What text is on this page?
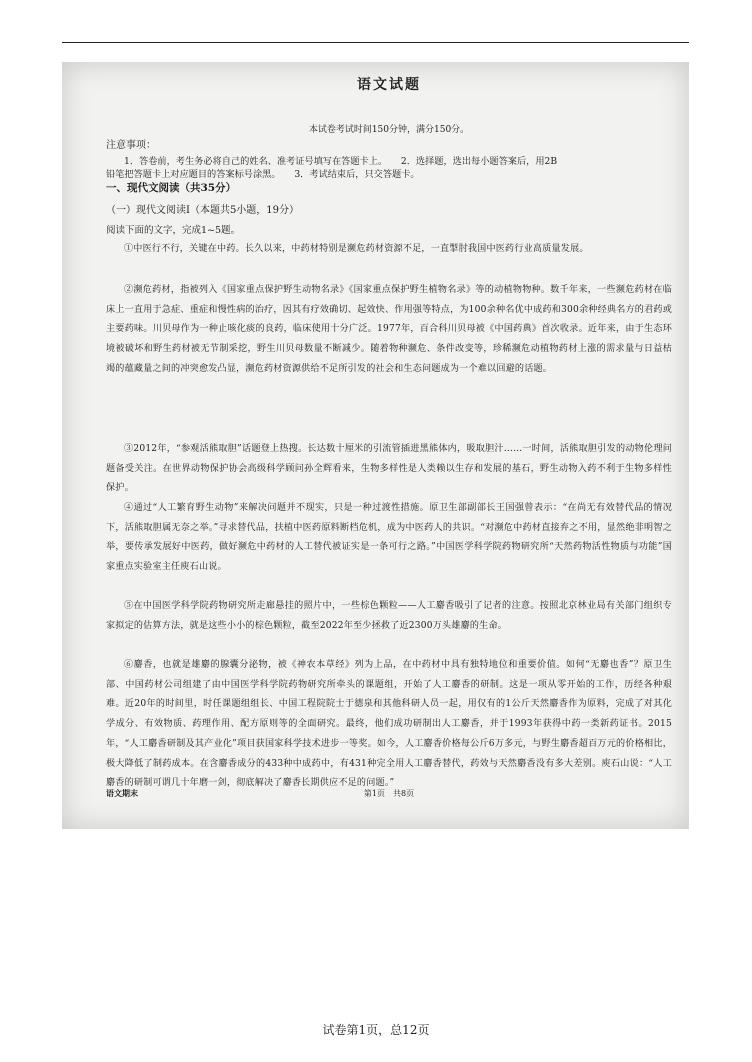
语文试题
本试卷考试时间150分钟，满分150分。
注意事项：
1．答卷前，考生务必将自己的姓名、准考证号填写在答题卡上。　　2．选择题，选出每小题答案后，用2B
铅笔把答题卡上对应题目的答案标号涂黑。　　3．考试结束后，只交答题卡。
一、现代文阅读（共35分）
（一）现代文阅读Ⅰ（本题共5小题，19分）
阅读下面的文字，完成1~5题。
①中医行不行，关键在中药。长久以来，中药材特别是濒危药材资源不足，一直掣肘我国中医药行业高质量发展。
②濒危药材，指被列入《国家重点保护野生动物名录》《国家重点保护野生植物名录》等的动植物物种。数千年来，一些濒危药材在临床上一直用于急症、重症和慢性病的治疗，因其有疗效确切、起效快、作用强等特点，为100余种名优中成药和300余种经典名方的君药或主要药味。川贝母作为一种止咳化痰的良药，临床使用十分广泛。1977年，百合科川贝母被《中国药典》首次收录。近年来，由于生态环境被破坏和野生药材被无节制采挖，野生川贝母数量不断减少。随着物种濒危、条件改变等，珍稀濒危动植物药材上涨的需求量与日益枯竭的蕴藏量之间的冲突愈发凸显，濒危药材资源供给不足所引发的社会和生态问题成为一个难以回避的话题。
③2012年，“参观活熊取胆”话题登上热搜。长达数十厘米的引流管插进黑熊体内，吸取胆汁……一时间，活熊取胆引发的动物伦理问题备受关注。在世界动物保护协会高级科学顾问孙全辉看来，生物多样性是人类赖以生存和发展的基石，野生动物入药不利于生物多样性保护。
④通过“人工繁育野生动物”来解决问题并不现实，只是一种过渡性措施。原卫生部副部长王国强曾表示：“在尚无有效替代品的情况下，活熊取胆属无奈之举。”寻求替代品，扶植中医药原料断档危机，成为中医药人的共识。“对濒危中药材直接弃之不用，显然绝非明智之举，要传承发展好中医药，做好濒危中药材的人工替代被证实是一条可行之路。”中国医学科学院药物研究所“天然药物活性物质与功能”国家重点实验室主任庾石山说。
⑤在中国医学科学院药物研究所走廊悬挂的照片中，一些棕色颗粒——人工麝香吸引了记者的注意。按照北京林业局有关部门组织专家拟定的估算方法，就是这些小小的棕色颗粒，截至2022年至少拯救了近2300万头雄麝的生命。
⑥麝香，也就是雄麝的腺囊分泌物，被《神农本草经》列为上品，在中药材中具有独特地位和重要价值。如何“无麝也香”？原卫生部、中国药材公司组建了由中国医学科学院药物研究所牵头的课题组，开始了人工麝香的研制。这是一项从零开始的工作，历经各种艰难。近20年的时间里，时任课题组组长、中国工程院院士于德泉和其他科研人员一起，用仅有的1公斤天然麝香作为原料，完成了对其化学成分、有效物质、药理作用、配方原则等的全面研究。最终，他们成功研制出人工麝香，并于1993年获得中药一类新药证书。2015年，“人工麝香研制及其产业化”项目获国家科学技术进步一等奖。如今，人工麝香价格每公斤6万多元，与野生麝香超百万元的价格相比，极大降低了制药成本。在含麝香成分的433种中成药中，有431种完全用人工麝香替代，药效与天然麝香没有多大差别。庾石山说：“人工麝香的研制可谓几十年磨一剑，彻底解决了麝香长期供应不足的问题。”
语文期末	第1页　共8页
试卷第1页，总12页
